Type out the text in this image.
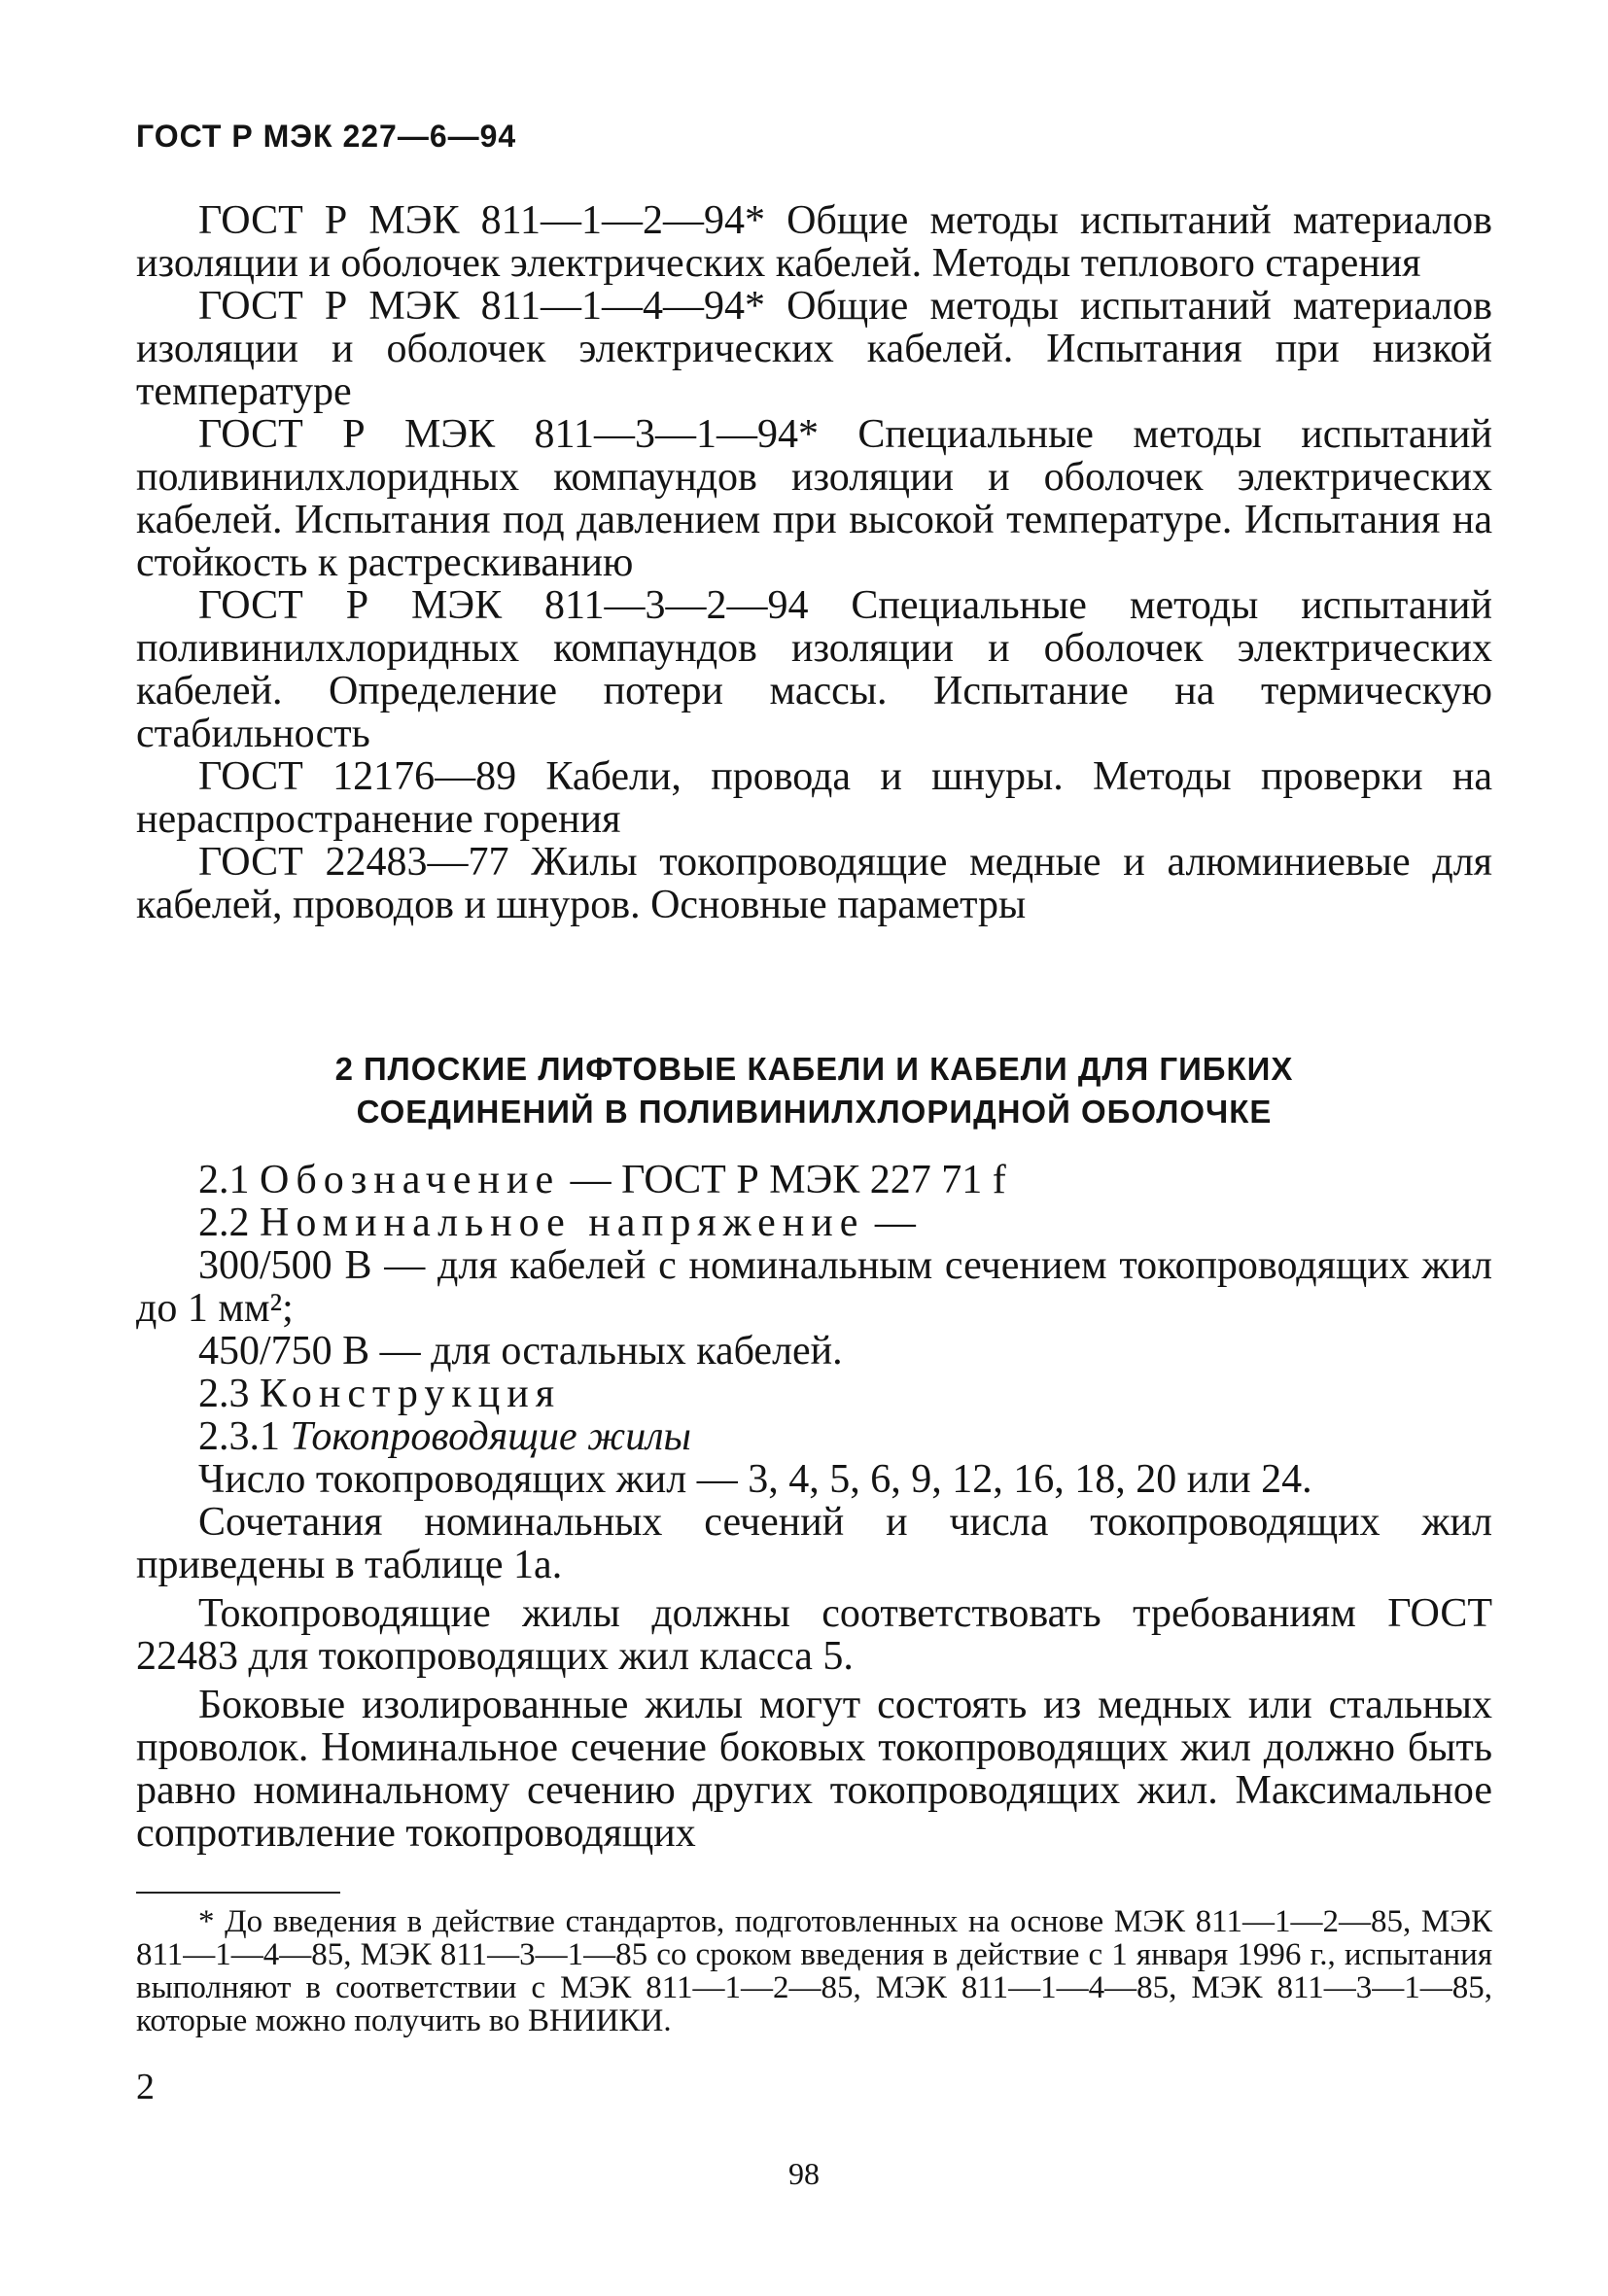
ГОСТ Р МЭК 227—6—94

ГОСТ Р МЭК 811—1—2—94* Общие методы испытаний материалов изоляции и оболочек электрических кабелей. Методы теплового старения

ГОСТ Р МЭК 811—1—4—94* Общие методы испытаний материалов изоляции и оболочек электрических кабелей. Испытания при низкой температуре

ГОСТ Р МЭК 811—3—1—94* Специальные методы испытаний поливинилхлоридных компаундов изоляции и оболочек электрических кабелей. Испытания под давлением при высокой температуре. Испытания на стойкость к растрескиванию

ГОСТ Р МЭК 811—3—2—94 Специальные методы испытаний поливинилхлоридных компаундов изоляции и оболочек электрических кабелей. Определение потери массы. Испытание на термическую стабильность

ГОСТ 12176—89 Кабели, провода и шнуры. Методы проверки на нераспространение горения

ГОСТ 22483—77 Жилы токопроводящие медные и алюминиевые для кабелей, проводов и шнуров. Основные параметры

2 ПЛОСКИЕ ЛИФТОВЫЕ КАБЕЛИ И КАБЕЛИ ДЛЯ ГИБКИХ
СОЕДИНЕНИЙ В ПОЛИВИНИЛХЛОРИДНОЙ ОБОЛОЧКЕ

2.1 Обозначение — ГОСТ Р МЭК 227 71 f

2.2 Номинальное напряжение —

300/500 В — для кабелей с номинальным сечением токопроводящих жил до 1 мм²;

450/750 В — для остальных кабелей.

2.3 Конструкция

2.3.1 Токопроводящие жилы

Число токопроводящих жил — 3, 4, 5, 6, 9, 12, 16, 18, 20 или 24.

Сочетания номинальных сечений и числа токопроводящих жил приведены в таблице 1а.

Токопроводящие жилы должны соответствовать требованиям ГОСТ 22483 для токопроводящих жил класса 5.

Боковые изолированные жилы могут состоять из медных или стальных проволок. Номинальное сечение боковых токопроводящих жил должно быть равно номинальному сечению других токопроводящих жил. Максимальное сопротивление токопроводящих

* До введения в действие стандартов, подготовленных на основе МЭК 811—1—2—85, МЭК 811—1—4—85, МЭК 811—3—1—85 со сроком введения в действие с 1 января 1996 г., испытания выполняют в соответствии с МЭК 811—1—2—85, МЭК 811—1—4—85, МЭК 811—3—1—85, которые можно получить во ВНИИКИ.

2
98
